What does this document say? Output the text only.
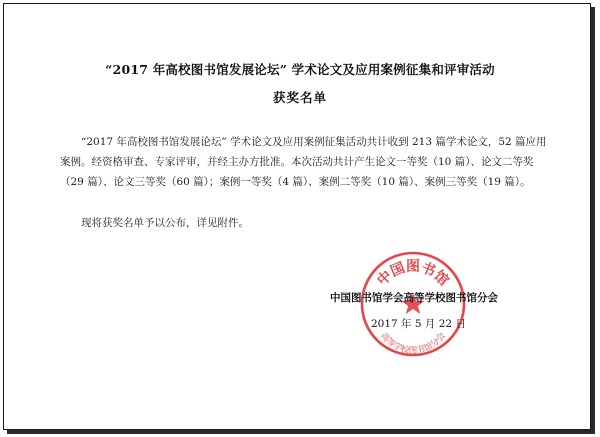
“2017 年高校图书馆发展论坛” 学术论文及应用案例征集和评审活动
获奖名单
“2017 年高校图书馆发展论坛” 学术论文及应用案例征集活动共计收到 213 篇学术论文，52 篇应用案例。经资格审查、专家评审，并经主办方批准。本次活动共计产生论文一等奖（10 篇）、论文二等奖（29 篇）、论文三等奖（60 篇）；案例一等奖（4 篇）、案例二等奖（10 篇）、案例三等奖（19 篇）。
现将获奖名单予以公布，详见附件。
中国图书馆
高等学校图书馆分会
中国图书馆学会高等学校图书馆分会
2017 年 5 月 22 日
